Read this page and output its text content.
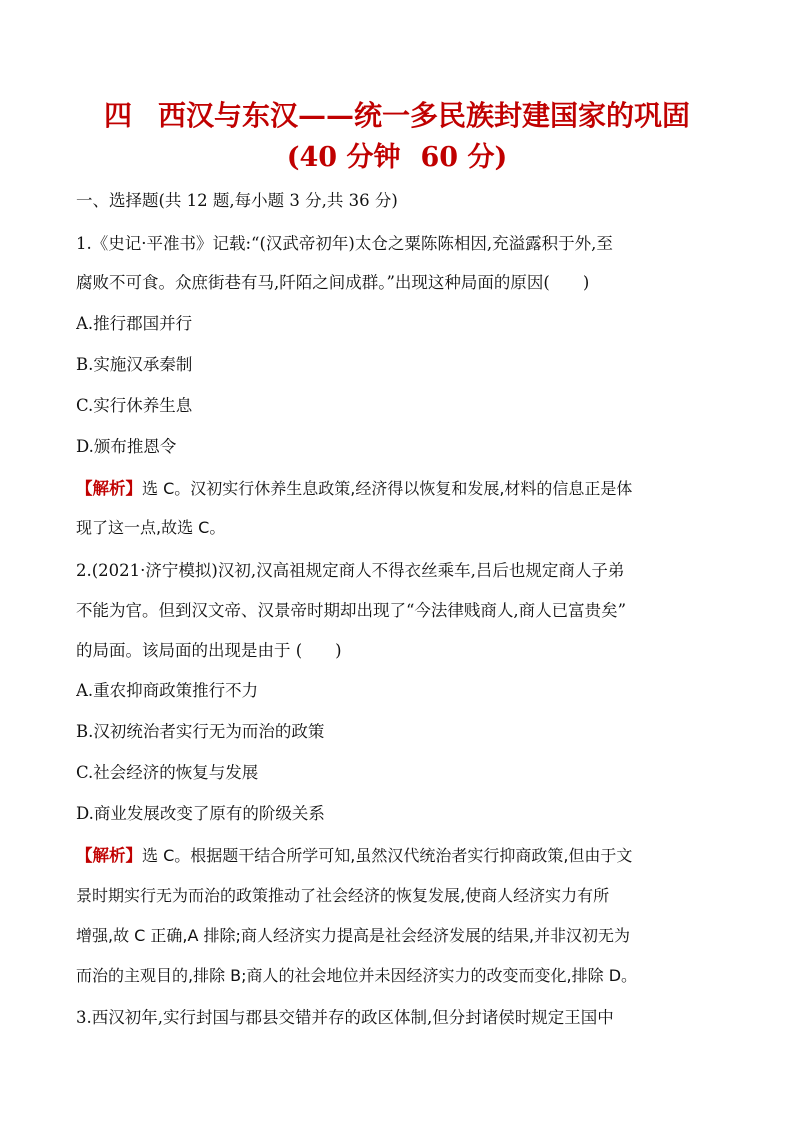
四 西汉与东汉——统一多民族封建国家的巩固
(40 分钟 60 分)
一、选择题(共 12 题,每小题 3 分,共 36 分)
1.《史记·平准书》记载:“(汉武帝初年)太仓之粟陈陈相因,充溢露积于外,至
腐败不可食。众庶街巷有马,阡陌之间成群。”出现这种局面的原因(　　)
A.推行郡国并行
B.实施汉承秦制
C.实行休养生息
D.颁布推恩令
【解析】选 C。汉初实行休养生息政策,经济得以恢复和发展,材料的信息正是体
现了这一点,故选 C。
2.(2021·济宁模拟)汉初,汉高祖规定商人不得衣丝乘车,吕后也规定商人子弟
不能为官。但到汉文帝、汉景帝时期却出现了“今法律贱商人,商人已富贵矣”
的局面。该局面的出现是由于 (　　)
A.重农抑商政策推行不力
B.汉初统治者实行无为而治的政策
C.社会经济的恢复与发展
D.商业发展改变了原有的阶级关系
【解析】选 C。根据题干结合所学可知,虽然汉代统治者实行抑商政策,但由于文
景时期实行无为而治的政策推动了社会经济的恢复发展,使商人经济实力有所
增强,故 C 正确,A 排除;商人经济实力提高是社会经济发展的结果,并非汉初无为
而治的主观目的,排除 B;商人的社会地位并未因经济实力的改变而变化,排除 D。
3.西汉初年,实行封国与郡县交错并存的政区体制,但分封诸侯时规定王国中
